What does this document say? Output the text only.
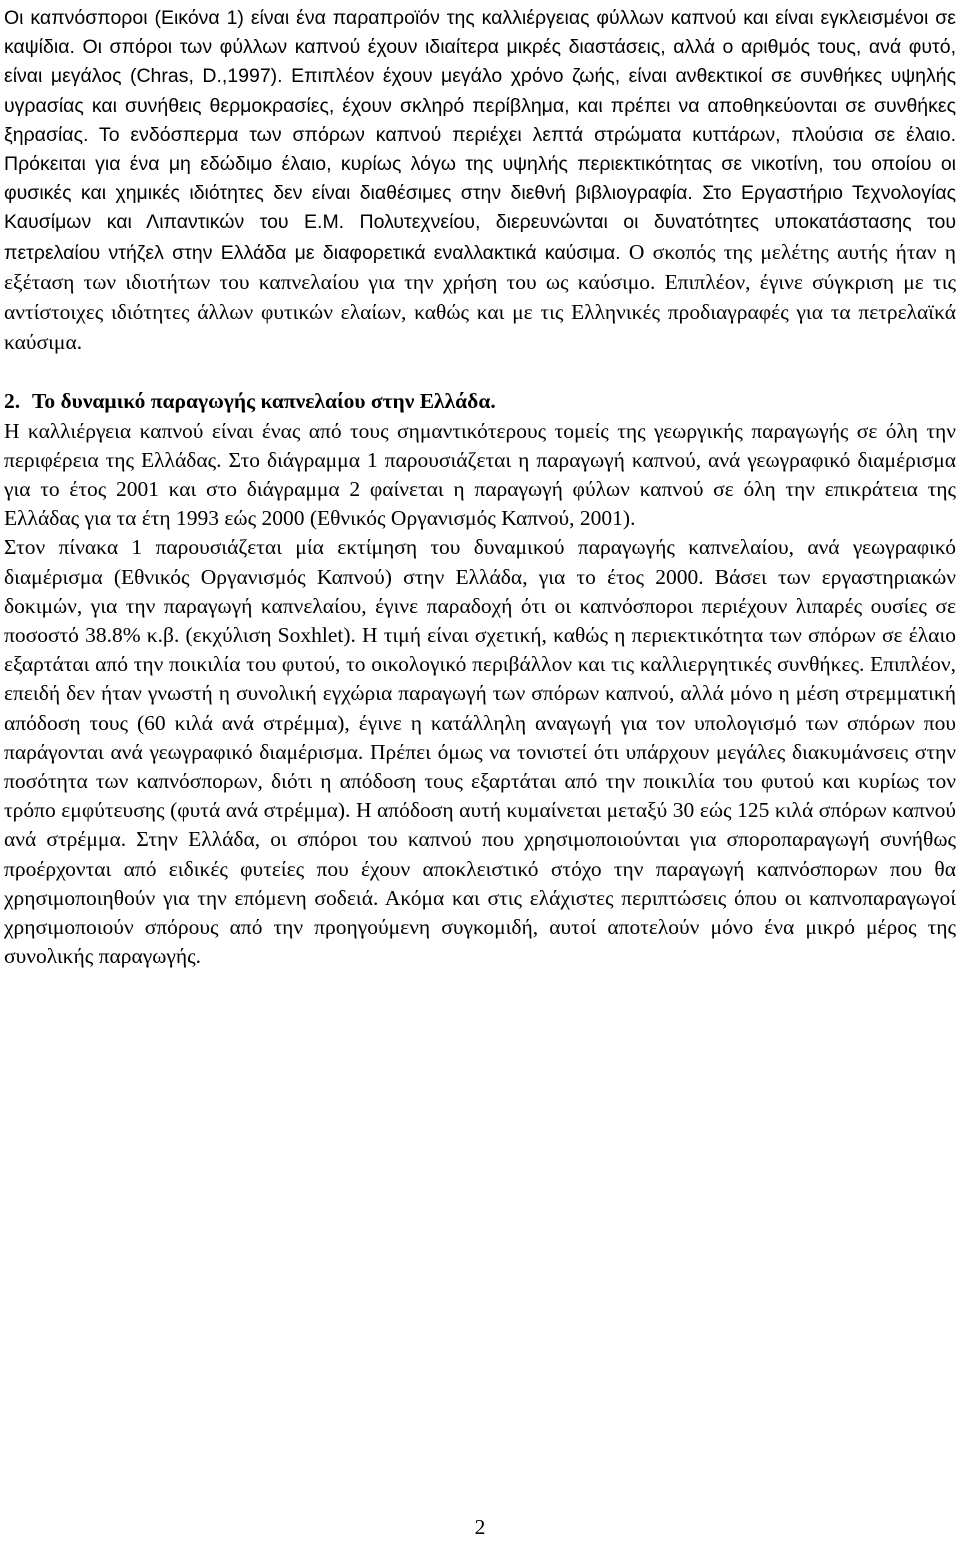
Οι καπνόσποροι (Εικόνα 1) είναι ένα παραπροϊόν της καλλιέργειας φύλλων καπνού και είναι εγκλεισμένοι σε καψίδια. Οι σπόροι των φύλλων καπνού έχουν ιδιαίτερα μικρές διαστάσεις, αλλά ο αριθμός τους, ανά φυτό, είναι μεγάλος (Chras, D.,1997). Επιπλέον έχουν μεγάλο χρόνο ζωής, είναι ανθεκτικοί σε συνθήκες υψηλής υγρασίας και συνήθεις θερμοκρασίες, έχουν σκληρό περίβλημα, και πρέπει να αποθηκεύονται σε συνθήκες ξηρασίας. Το ενδόσπερμα των σπόρων καπνού περιέχει λεπτά στρώματα κυττάρων, πλούσια σε έλαιο. Πρόκειται για ένα μη εδώδιμο έλαιο, κυρίως λόγω της υψηλής περιεκτικότητας σε νικοτίνη, του οποίου οι φυσικές και χημικές ιδιότητες δεν είναι διαθέσιμες στην διεθνή βιβλιογραφία. Στο Εργαστήριο Τεχνολογίας Καυσίμων και Λιπαντικών του Ε.Μ. Πολυτεχνείου, διερευνώνται οι δυνατότητες υποκατάστασης του πετρελαίου ντήζελ στην Ελλάδα με διαφορετικά εναλλακτικά καύσιμα. Ο σκοπός της μελέτης αυτής ήταν η εξέταση των ιδιοτήτων του καπνελαίου για την χρήση του ως καύσιμο. Επιπλέον, έγινε σύγκριση με τις αντίστοιχες ιδιότητες άλλων φυτικών ελαίων, καθώς και με τις Ελληνικές προδιαγραφές για τα πετρελαϊκά καύσιμα.

2. Το δυναμικό παραγωγής καπνελαίου στην Ελλάδα.

Η καλλιέργεια καπνού είναι ένας από τους σημαντικότερους τομείς της γεωργικής παραγωγής σε όλη την περιφέρεια της Ελλάδας. Στο διάγραμμα 1 παρουσιάζεται η παραγωγή καπνού, ανά γεωγραφικό διαμέρισμα για το έτος 2001 και στο διάγραμμα 2 φαίνεται η παραγωγή φύλων καπνού σε όλη την επικράτεια της Ελλάδας για τα έτη 1993 εώς 2000 (Εθνικός Οργανισμός Καπνού, 2001).

Στον πίνακα 1 παρουσιάζεται μία εκτίμηση του δυναμικού παραγωγής καπνελαίου, ανά γεωγραφικό διαμέρισμα (Εθνικός Οργανισμός Καπνού) στην Ελλάδα, για το έτος 2000. Βάσει των εργαστηριακών δοκιμών, για την παραγωγή καπνελαίου, έγινε παραδοχή ότι οι καπνόσποροι περιέχουν λιπαρές ουσίες σε ποσοστό 38.8% κ.β. (εκχύλιση Soxhlet). Η τιμή είναι σχετική, καθώς η περιεκτικότητα των σπόρων σε έλαιο εξαρτάται από την ποικιλία του φυτού, το οικολογικό περιβάλλον και τις καλλιεργητικές συνθήκες. Επιπλέον, επειδή δεν ήταν γνωστή η συνολική εγχώρια παραγωγή των σπόρων καπνού, αλλά μόνο η μέση στρεμματική απόδοση τους (60 κιλά ανά στρέμμα), έγινε η κατάλληλη αναγωγή για τον υπολογισμό των σπόρων που παράγονται ανά γεωγραφικό διαμέρισμα. Πρέπει όμως να τονιστεί ότι υπάρχουν μεγάλες διακυμάνσεις στην ποσότητα των καπνόσπορων, διότι η απόδοση τους εξαρτάται από την ποικιλία του φυτού και κυρίως τον τρόπο εμφύτευσης (φυτά ανά στρέμμα). Η απόδοση αυτή κυμαίνεται μεταξύ 30 εώς 125 κιλά σπόρων καπνού ανά στρέμμα. Στην Ελλάδα, οι σπόροι του καπνού που χρησιμοποιούνται για σποροπαραγωγή συνήθως προέρχονται από ειδικές φυτείες που έχουν αποκλειστικό στόχο την παραγωγή καπνόσπορων που θα χρησιμοποιηθούν για την επόμενη σοδειά. Ακόμα και στις ελάχιστες περιπτώσεις όπου οι καπνοπαραγωγοί χρησιμοποιούν σπόρους από την προηγούμενη συγκομιδή, αυτοί αποτελούν μόνο ένα μικρό μέρος της συνολικής παραγωγής.

2
